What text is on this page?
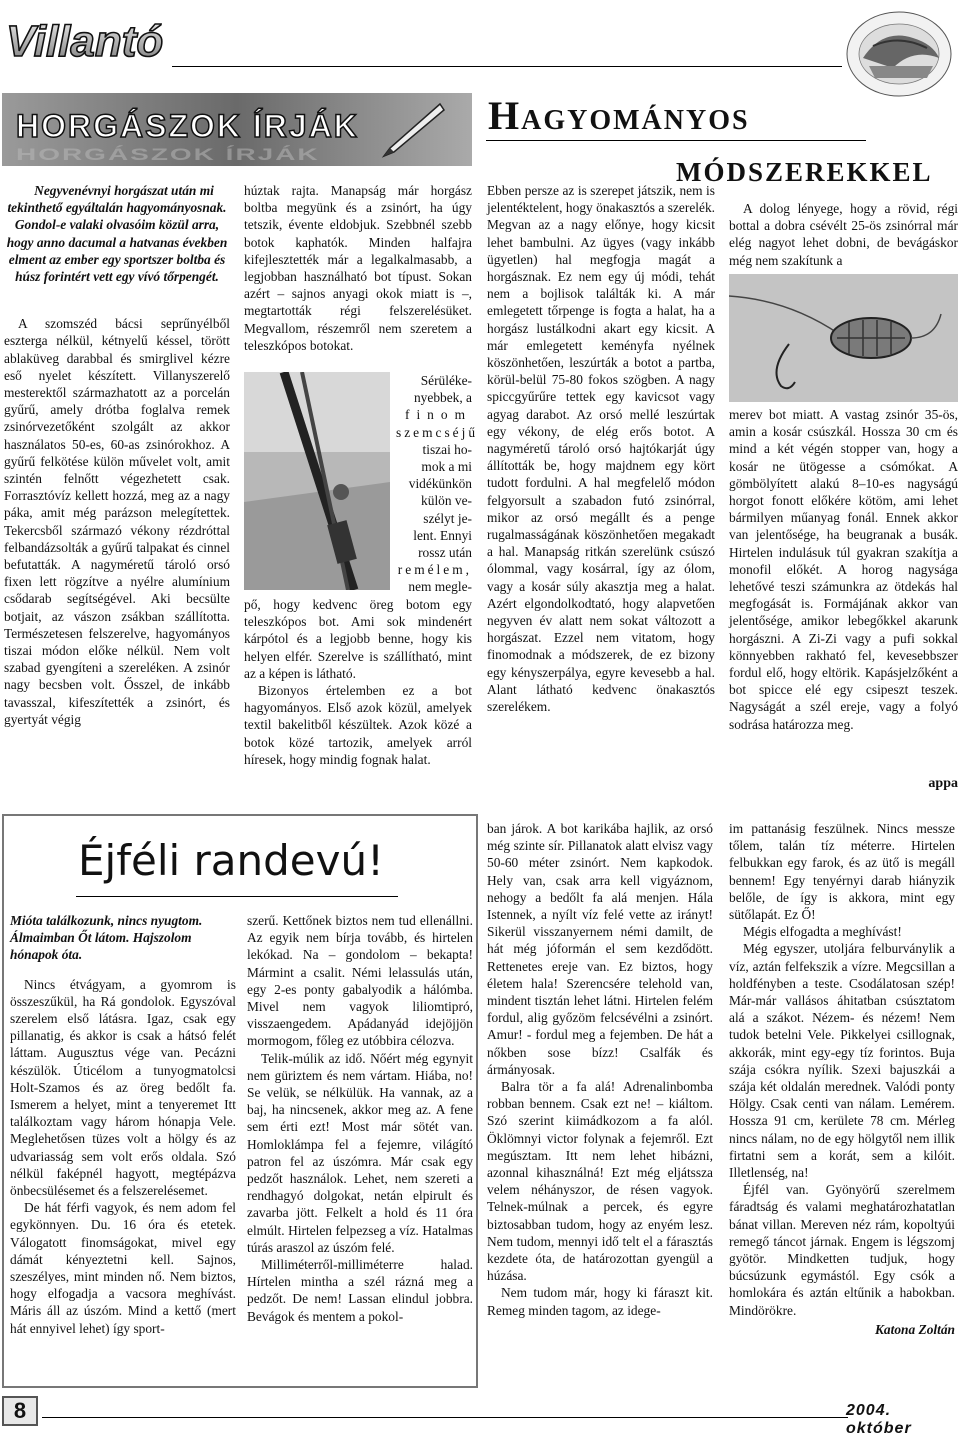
Villantó
HORGÁSZOK ÍRJÁK
HORGÁSZOK ÍRJÁK
Hagyományos
módszerekkel

Negyvenévnyi horgászat után mi tekinthető egyáltalán hagyományosnak. Gondol-e valaki olvasóim közül arra, hogy anno dacumal a hatvanas években elment az ember egy sportszer boltba és húsz forintért vett egy vívó tőrpengét.

A szomszéd bácsi seprűnyélből eszterga nélkül, kétnyelű késsel, törött ablaküveg darabbal és smirglivel kézre eső nyelet készített. Villanyszerelő mesterektől származhatott az a porcelán gyűrű, amely drótba foglalva remek zsinórvezetőként szolgált az akkor használatos 50-es, 60-as zsinórokhoz. A gyűrű felkötése külön művelet volt, amit szintén felnőtt végezhetett csak. Forrasztóvíz kellett hozzá, meg az a nagy páka, amit még parázson melegítettek. Tekercsből származó vékony rézdróttal felbandázsolták a gyűrű talpakat és cinnel befutatták. A nagyméretű tároló orsó fixen lett rögzítve a nyélre alumínium csődarab segítségével. Aki becsülte botjait, az vászon zsákban szállította. Természetesen felszerelve, hagyományos tiszai módon előke nélkül. Nem volt szabad gyengíteni a szereléken. A zsinór nagy becsben volt. Ősszel, de inkább tavasszal, kifeszítették a zsinórt, és gyertyát végig

húztak rajta. Manapság már horgász boltba megyünk és a zsinórt, ha úgy tetszik, évente eldobjuk. Szebbnél szebb botok kaphatók. Minden halfajra kifejlesztették már a legalkalmasabb, a legjobban használható bot típust. Sokan azért – sajnos anyagi okok miatt is –, megtartották régi felszerelésüket. Megvallom, részemről nem szeretem a teleszkópos botokat.

Sérüléke-
nyebbek, a
finom
szemcséjű
tiszai ho-
mok a mi
vidékünkön
külön ve-
szélyt je-
lent. Ennyi
rossz után
remélem,
nem megle-

pő, hogy kedvenc öreg botom egy teleszkópos bot. Ami sok mindenért kárpótol és a legjobb benne, hogy kis helyen elfér. Szerelve is szállítható, mint az a képen is látható.

Bizonyos értelemben ez a bot hagyományos. Első azok közül, amelyek textil bakelitből készültek. Azok közé a botok közé tartozik, amelyek arról híresek, hogy mindig fognak halat.

Ebben persze az is szerepet játszik, nem is jelentéktelent, hogy önakasztós a szerelék. Megvan az a nagy előnye, hogy kicsit lehet bambulni. Az ügyes (vagy inkább ügyetlen) hal megfogja magát a horgásznak. Ez nem egy új módi, tehát nem a bojlisok találták ki. A már emlegetett tőrpenge is fogta a halat, ha a horgász lustálkodni akart egy kicsit. A már emlegetett keményfa nyélnek köszönhetően, leszúrták a botot a partba, körül-belül 75-80 fokos szögben. A nagy spiccgyűrűre tettek egy kavicsot vagy agyag darabot. Az orsó mellé leszúrtak egy vékony, de elég erős botot. A nagyméretű tároló orsó hajtókarját úgy állították be, hogy majdnem egy kört tudott fordulni. A hal megfelelő módon felgyorsult a szabadon futó zsinórral, mikor az orsó megállt és a penge rugalmasságának köszönhetően megakadt a hal. Manapság ritkán szerelünk csúszó ólommal, vagy kosárral, így az ólom, vagy a kosár súly akasztja meg a halat. Azért elgondolkodtató, hogy alapvetően negyven év alatt nem sokat változott a horgászat. Ezzel nem vitatom, hogy finomodnak a módszerek, de ez bizony egy kényszerpálya, egyre kevesebb a hal. Alant látható kedvenc önakasztós szerelékem.

A dolog lényege, hogy a rövid, régi bottal a dobra csévélt 25-ös zsinórral már elég nagyot lehet dobni, de bevágáskor még nem szakítunk a

merev bot miatt. A vastag zsinór 35-ös, amin a kosár csúszkál. Hossza 30 cm és mind a két végén stopper van, hogy a kosár ne ütögesse a csómókat. A gömbölyített alakú 8–10-es nagyságú horgot fonott előkére kötöm, ami lehet bármilyen műanyag fonál. Ennek akkor van jelentősége, ha beugranak a busák. Hirtelen indulásuk túl gyakran szakítja a monofil előkét. A horog nagysága lehetővé teszi számunkra az ötdekás hal megfogását is. Formájának akkor van jelentősége, amikor lebegőkkel akarunk horgászni. A Zi-Zi vagy a pufi sokkal könnyebben rakható fel, kevesebbszer fordul elő, hogy eltörik. Kapásjelzőként a bot spicce elé egy csipeszt teszek. Nagyságát a szél ereje, vagy a folyó sodrása határozza meg.

appa
Éjféli randevú!

Mióta találkozunk, nincs nyugtom. Álmaimban Őt látom. Hajszolom hónapok óta.

Nincs étvágyam, a gyomrom is összeszűkül, ha Rá gondolok. Egyszóval szerelem első látásra. Igaz, csak egy pillanatig, és akkor is csak a hátsó felét láttam. Augusztus vége van. Pecázni készülök. Úticélom a tunyogmatolcsi Holt-Szamos és az öreg bedőlt fa. Ismerem a helyet, mint a tenyeremet Itt találkoztam vagy három hónapja Vele. Meglehetősen tüzes volt a hölgy és az udvariasság sem volt erős oldala. Szó nélkül faképnél hagyott, megtépázva önbecsülésemet és a felszerelésemet.

De hát férfi vagyok, és nem adom fel egykönnyen. Du. 16 óra és etetek. Válogatott finomságokat, mivel egy dámát kényeztetni kell. Sajnos, szeszélyes, mint minden nő. Nem biztos, hogy elfogadja a vacsora meghívást. Máris áll az úszóm. Mind a kettő (mert hát ennyivel lehet) így sport-

szerű. Kettőnek biztos nem tud ellenállni. Az egyik nem bírja tovább, és hirtelen lekókad. Na – gondolom – bekapta! Mármint a csalit. Némi lelassulás után, egy 2-es ponty gabalyodik a hálómba. Mivel nem vagyok liliomtipró, visszaengedem. Apádanyád idejöjjön mormogom, főleg ez utóbbira célozva.

Telik-múlik az idő. Nőért még egynyit nem güriztem és nem vártam. Hiába, no! Se velük, se nélkülük. Ha vannak, az a baj, ha nincsenek, akkor meg az. A fene sem érti ezt! Most már sötét van. Homloklámpa fel a fejemre, világító patron fel az úszómra. Már csak egy pedzőt használok. Lehet, nem szereti a rendhagyó dolgokat, netán elpirult és zavarba jött. Felkelt a hold és 11 óra elmúlt. Hirtelen felpezseg a víz. Hatalmas túrás araszol az úszóm felé.

Milliméterről-milliméterre halad. Hírtelen mintha a szél rázná meg a pedzőt. De nem! Lassan elindul jobbra. Bevágok és mentem a pokol-

ban járok. A bot karikába hajlik, az orsó még szinte sír. Pillanatok alatt elvisz vagy 50-60 méter zsinórt. Nem kapkodok. Hely van, csak arra kell vigyáznom, nehogy a bedőlt fa alá menjen. Hála Istennek, a nyílt víz felé vette az irányt! Sikerül visszanyernem némi damilt, de hát még jóformán el sem kezdődött. Rettenetes ereje van. Ez biztos, hogy életem hala! Szerencsére telehold van, mindent tisztán lehet látni. Hirtelen felém fordul, alig győzöm felcsévélni a zsinórt. Amur! - fordul meg a fejemben. De hát a nőkben sose bízz! Csalfák és ármányosak.

Balra tör a fa alá! Adrenalinbomba robban bennem. Csak ezt ne! – kiáltom. Szó szerint kiimádkozom a fa alól. Öklömnyi victor folynak a fejemről. Ezt megúsztam. Itt nem lehet hibázni, azonnal kihasználná! Ezt még eljátssza velem néhányszor, de résen vagyok. Telnek-múlnak a percek, és egyre biztosabban tudom, hogy az enyém lesz. Nem tudom, mennyi idő telt el a fárasztás kezdete óta, de határozottan gyengül a húzása.

Nem tudom már, hogy ki fáraszt kit. Remeg minden tagom, az idege-

im pattanásig feszülnek. Nincs messze tőlem, talán tíz méterre. Hirtelen felbukkan egy farok, és az ütő is megáll bennem! Egy tenyérnyi darab hiányzik belőle, de így is akkora, mint egy sütőlapát. Ez Ő!

Mégis elfogadta a meghívást!

Még egyszer, utoljára felburványlik a víz, aztán felfekszik a vízre. Megcsillan a holdfényben a teste. Csodálatosan szép! Már-már vallásos áhitatban csúsztatom alá a szákot. Nézem- és nézem! Nem tudok betelni Vele. Pikkelyei csillognak, akkorák, mint egy-egy tíz forintos. Buja szája csókra nyílik. Szexi bajuszkái a szája két oldalán merednek. Valódi ponty Hölgy. Csak centi van nálam. Lemérem. Hossza 91 cm, kerülete 78 cm. Mérleg nincs nálam, no de egy hölgytől nem illik firtatni sem a korát, sem a kilóit. Illetlenség, na!

Éjfél van. Gyönyörű szerelmem fáradtság és valami meghatározhatatlan bánat villan. Mereven néz rám, kopoltyúi remegő táncot járnak. Engem is légszomj gyötör. Mindketten tudjuk, hogy búcsúzunk egymástól. Egy csók a homlokára és aztán eltűnik a habokban. Mindörökre.

Katona Zoltán
8	2004. október
